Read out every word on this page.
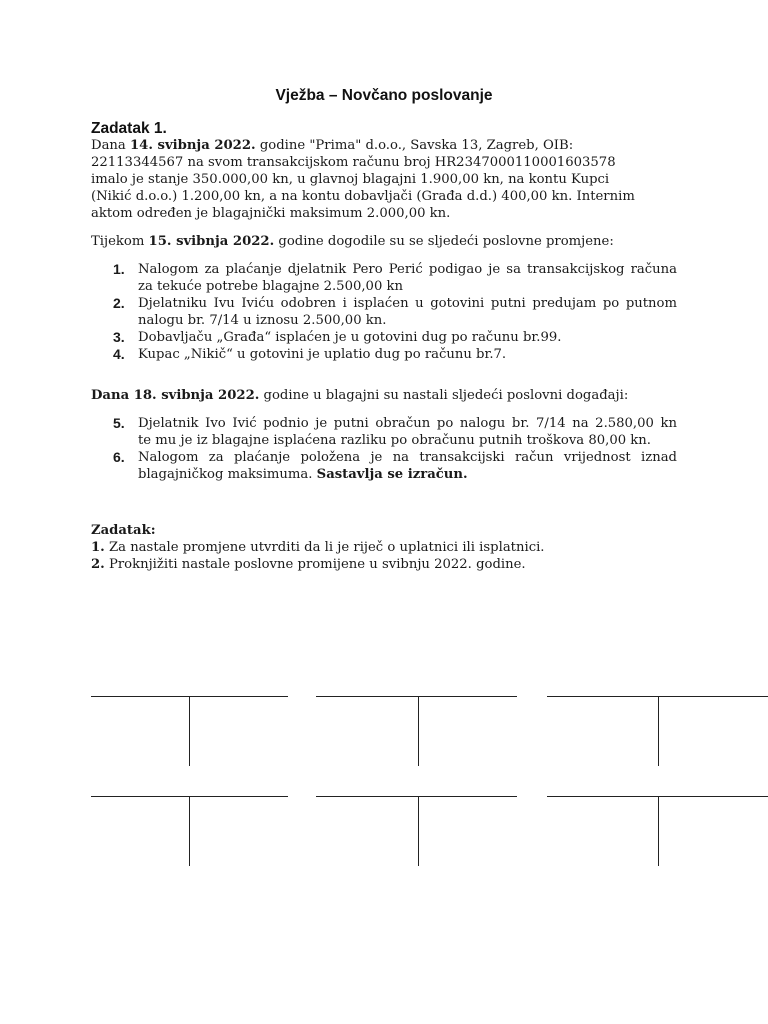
Vježba – Novčano poslovanje
Zadatak 1.
Dana 14. svibnja 2022. godine "Prima" d.o.o., Savska 13, Zagreb, OIB:
22113344567 na svom transakcijskom računu broj HR2347000110001603578
imalo je stanje 350.000,00 kn, u glavnoj blagajni 1.900,00 kn, na kontu Kupci
(Nikić d.o.o.) 1.200,00 kn, a na kontu dobavljači (Građa d.d.) 400,00 kn. Internim
aktom određen je blagajnički maksimum 2.000,00 kn.
Tijekom 15. svibnja 2022. godine dogodile su se sljedeći poslovne promjene:
1. Nalogom za plaćanje djelatnik Pero Perić podigao je sa transakcijskog računa
za tekuće potrebe blagajne 2.500,00 kn
2. Djelatniku Ivu Iviću odobren i isplaćen u gotovini putni predujam po putnom
nalogu br. 7/14 u iznosu 2.500,00 kn.
3. Dobavljaču „Građa“ isplaćen je u gotovini dug po računu br.99.
4. Kupac „Nikič“ u gotovini je uplatio dug po računu br.7.
Dana 18. svibnja 2022. godine u blagajni su nastali sljedeći poslovni događaji:
5. Djelatnik Ivo Ivić podnio je putni obračun po nalogu br. 7/14 na 2.580,00 kn
te mu je iz blagajne isplaćena razliku po obračunu putnih troškova 80,00 kn.
6. Nalogom za plaćanje položena je na transakcijski račun vrijednost iznad
blagajničkog maksimuma. Sastavlja se izračun.
Zadatak:
1. Za nastale promjene utvrditi da li je riječ o uplatnici ili isplatnici.
2. Proknjižiti nastale poslovne promijene u svibnju 2022. godine.
